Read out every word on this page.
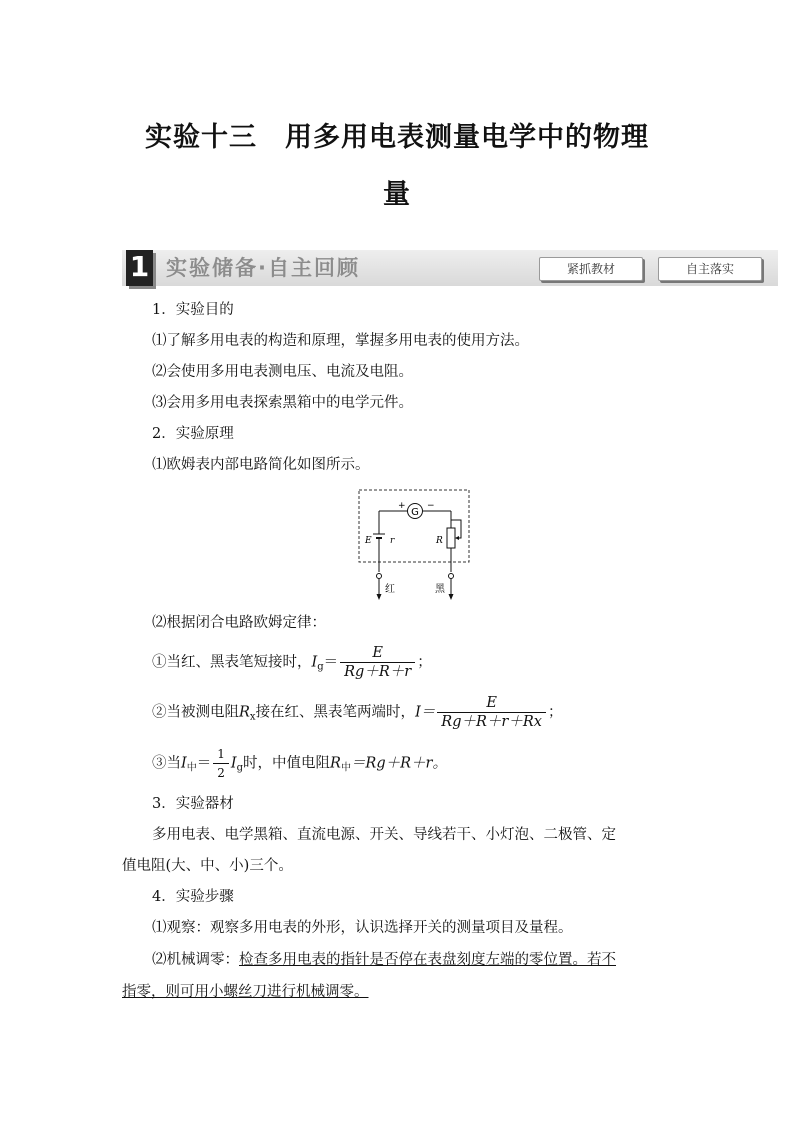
实验十三　用多用电表测量电学中的物理
量
1 实验储备·自主回顾	紧抓教材	自主落实
1．实验目的
⑴了解多用电表的构造和原理，掌握多用电表的使用方法。
⑵会使用多用电表测电压、电流及电阻。
⑶会用多用电表探索黑箱中的电学元件。
2．实验原理
⑴欧姆表内部电路简化如图所示。
G
+ −
E r	R
红	黑
⑵根据闭合电路欧姆定律：
①当红、黑表笔短接时，$I_g= \frac{E}{Rg+R+r}$ ；
②当被测电阻$R_x$接在红、黑表笔两端时，$I= \frac{E}{Rg+R+r+Rx}$ ；
③当$I_中= \frac{1}{2} I_g$时，中值电阻$R_中=Rg+R+r$。
3．实验器材
多用电表、电学黑箱、直流电源、开关、导线若干、小灯泡、二极管、定
值电阻(大、中、小)三个。
4．实验步骤
⑴观察：观察多用电表的外形，认识选择开关的测量项目及量程。
⑵机械调零：检查多用电表的指针是否停在表盘刻度左端的零位置。若不
指零，则可用小螺丝刀进行机械调零。
